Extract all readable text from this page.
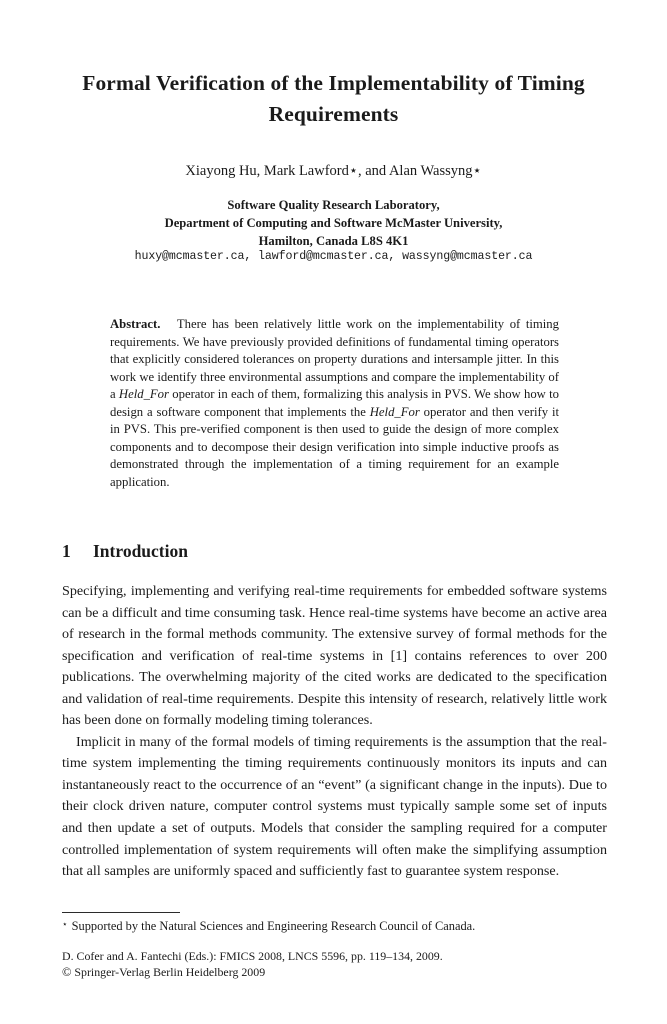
Formal Verification of the Implementability of Timing Requirements
Xiayong Hu, Mark Lawford⋆, and Alan Wassyng⋆
Software Quality Research Laboratory,
Department of Computing and Software McMaster University,
Hamilton, Canada L8S 4K1
huxy@mcmaster.ca, lawford@mcmaster.ca, wassyng@mcmaster.ca
Abstract. There has been relatively little work on the implementability of timing requirements. We have previously provided definitions of fundamental timing operators that explicitly considered tolerances on property durations and intersample jitter. In this work we identify three environmental assumptions and compare the implementability of a Held_For operator in each of them, formalizing this analysis in PVS. We show how to design a software component that implements the Held_For operator and then verify it in PVS. This pre-verified component is then used to guide the design of more complex components and to decompose their design verification into simple inductive proofs as demonstrated through the implementation of a timing requirement for an example application.
1 Introduction

Specifying, implementing and verifying real-time requirements for embedded software systems can be a difficult and time consuming task. Hence real-time systems have become an active area of research in the formal methods community. The extensive survey of formal methods for the specification and verification of real-time systems in [1] contains references to over 200 publications. The overwhelming majority of the cited works are dedicated to the specification and validation of real-time requirements. Despite this intensity of research, relatively little work has been done on formally modeling timing tolerances.

Implicit in many of the formal models of timing requirements is the assumption that the real-time system implementing the timing requirements continuously monitors its inputs and can instantaneously react to the occurrence of an “event” (a significant change in the inputs). Due to their clock driven nature, computer control systems must typically sample some set of inputs and then update a set of outputs. Models that consider the sampling required for a computer controlled implementation of system requirements will often make the simplifying assumption that all samples are uniformly spaced and sufficiently fast to guarantee system response.

⋆ Supported by the Natural Sciences and Engineering Research Council of Canada.
D. Cofer and A. Fantechi (Eds.): FMICS 2008, LNCS 5596, pp. 119–134, 2009.
© Springer-Verlag Berlin Heidelberg 2009
